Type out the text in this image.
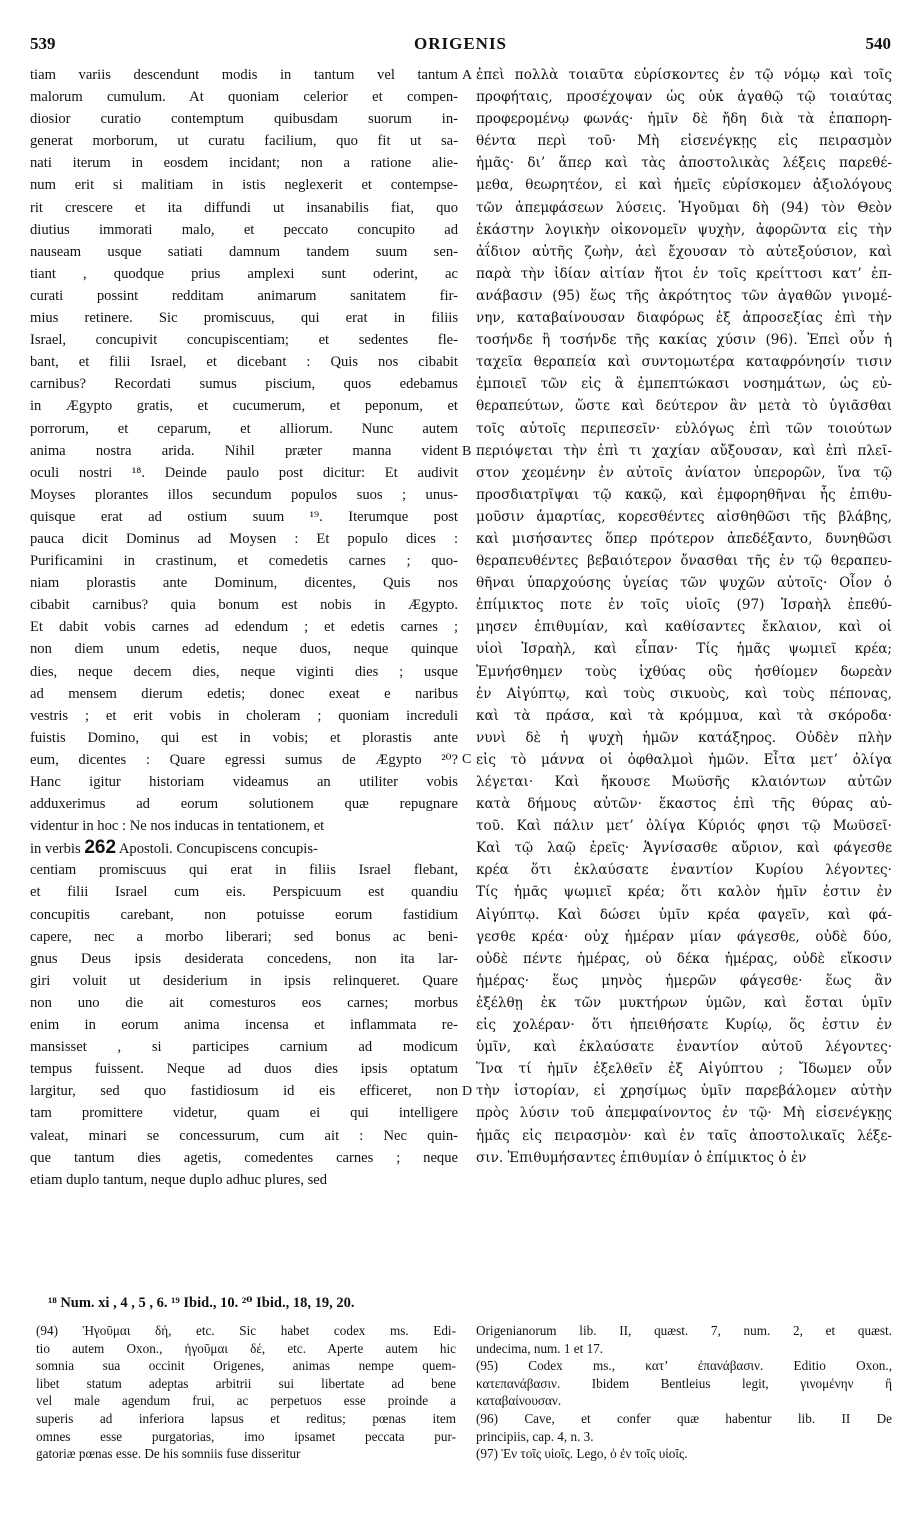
539	ORIGENIS	540
tiam variis descendunt modis in tantum vel tantum
malorum cumulum. At quoniam celerior et compen-
diosior curatio contemptum quibusdam suorum in-
generat morborum, ut curatu facilium, quo fit ut sa-
nati iterum in eosdem incidant; non a ratione alie-
num erit si malitiam in istis neglexerit et contempse-
rit crescere et ita diffundi ut insanabilis fiat, quo
diutius immorati malo, et peccato concupito ad
nauseam usque satiati damnum tandem suum sen-
tiant , quodque prius amplexi sunt oderint, ac
curati possint redditam animarum sanitatem fir-
mius retinere. Sic promiscuus, qui erat in filiis
Israel, concupivit concupiscentiam; et sedentes fle-
bant, et filii Israel, et dicebant : Quis nos cibabit
carnibus? Recordati sumus piscium, quos edebamus
in Ægypto gratis, et cucumerum, et peponum, et
porrorum, et ceparum, et alliorum. Nunc autem
anima nostra arida. Nihil præter manna vident
oculi nostri ¹⁸. Deinde paulo post dicitur: Et audivit
Moyses plorantes illos secundum populos suos ; unus-
quisque erat ad ostium suum ¹⁹. Iterumque post
pauca dicit Dominus ad Moysen : Et populo dices :
Purificamini in crastinum, et comedetis carnes ; quo-
niam plorastis ante Dominum, dicentes, Quis nos
cibabit carnibus? quia bonum est nobis in Ægypto.
Et dabit vobis carnes ad edendum ; et edetis carnes ;
non diem unum edetis, neque duos, neque quinque
dies, neque decem dies, neque viginti dies ; usque
ad mensem dierum edetis; donec exeat e naribus
vestris ; et erit vobis in choleram ; quoniam increduli
fuistis Domino, qui est in vobis; et plorastis ante
eum, dicentes : Quare egressi sumus de Ægypto ²⁰?
Hanc igitur historiam videamus an utiliter vobis
adduxerimus ad eorum solutionem quæ repugnare
videntur in hoc : Ne nos inducas in tentationem, et
in verbis 262 Apostoli. Concupiscens concupis-
centiam promiscuus qui erat in filiis Israel flebant,
et filii Israel cum eis. Perspicuum est quandiu
concupitis carebant, non potuisse eorum fastidium
capere, nec a morbo liberari; sed bonus ac beni-
gnus Deus ipsis desiderata concedens, non ita lar-
giri voluit ut desiderium in ipsis relinqueret. Quare
non uno die ait comesturos eos carnes; morbus
enim in eorum anima incensa et inflammata re-
mansisset , si participes carnium ad modicum
tempus fuissent. Neque ad duos dies ipsis optatum
largitur, sed quo fastidiosum id eis efficeret, non
tam promittere videtur, quam ei qui intelligere
valeat, minari se concessurum, cum ait : Nec quin-
que tantum dies agetis, comedentes carnes ; neque
etiam duplo tantum, neque duplo adhuc plures, sed
ἐπεὶ πολλὰ τοιαῦτα εὑρίσκοντες ἐν τῷ νόμῳ καὶ τοῖς
προφήταις, προσέχοψαν ὡς οὐκ ἀγαθῷ τῷ τοιαύτας
προφερομένῳ φωνάς· ἡμῖν δὲ ἤδη διὰ τὰ ἐπαπορη-
θέντα περὶ τοῦ· Μὴ εἰσενέγκῃς εἰς πειρασμὸν
ἡμᾶς· δι’ ἅπερ καὶ τὰς ἀποστολικὰς λέξεις παρεθέ-
μεθα, θεωρητέον, εἰ καὶ ἡμεῖς εὑρίσκομεν ἀξιολόγους
τῶν ἀπεμφάσεων λύσεις. Ἡγοῦμαι δὴ (94) τὸν Θεὸν
ἑκάστην λογικὴν οἰκονομεῖν ψυχὴν, ἀφορῶντα εἰς τὴν
ἀΐδιον αὐτῆς ζωὴν, ἀεὶ ἔχουσαν τὸ αὐτεξούσιον, καὶ
παρὰ τὴν ἰδίαν αἰτίαν ἤτοι ἐν τοῖς κρείττοσι κατ’ ἐπ-
ανάβασιν (95) ἕως τῆς ἀκρότητος τῶν ἀγαθῶν γινομέ-
νην, καταβαίνουσαν διαφόρως ἐξ ἀπροσεξίας ἐπὶ τὴν
τοσήνδε ἢ τοσήνδε τῆς κακίας χύσιν (96). Ἐπεὶ οὖν ἡ
ταχεῖα θεραπεία καὶ συντομωτέρα καταφρόνησίν τισιν
ἐμποιεῖ τῶν εἰς ἃ ἐμπεπτώκασι νοσημάτων, ὡς εὐ-
θεραπεύτων, ὥστε καὶ δεύτερον ἂν μετὰ τὸ ὑγιᾶσθαι
τοῖς αὐτοῖς περιπεσεῖν· εὐλόγως ἐπὶ τῶν τοιούτων
περιόψεται τὴν ἐπὶ τι χαχίαν αὔξουσαν, καὶ ἐπὶ πλεῖ-
στον χεομένην ἐν αὐτοῖς ἀνίατον ὑπερορῶν, ἵνα τῷ
προσδιατρῖψαι τῷ κακῷ, καὶ ἐμφορηθῆναι ἧς ἐπιθυ-
μοῦσιν ἁμαρτίας, κορεσθέντες αἰσθηθῶσι τῆς βλάβης,
καὶ μισήσαντες ὅπερ πρότερον ἀπεδέξαντο, δυνηθῶσι
θεραπευθέντες βεβαιότερον ὄνασθαι τῆς ἐν τῷ θεραπευ-
θῆναι ὑπαρχούσης ὑγείας τῶν ψυχῶν αὐτοῖς· Οἷον ὁ
ἐπίμικτος ποτε ἐν τοῖς υἱοῖς (97) Ἰσραὴλ ἐπεθύ-
μησεν ἐπιθυμίαν, καὶ καθίσαντες ἔκλαιον, καὶ οἱ
υἱοὶ Ἰσραὴλ, καὶ εἶπαν· Τίς ἡμᾶς ψωμιεῖ κρέα;
Ἐμνήσθημεν τοὺς ἰχθύας οὓς ἠσθίομεν δωρεὰν
ἐν Αἰγύπτῳ, καὶ τοὺς σικυοὺς, καὶ τοὺς πέπονας,
καὶ τὰ πράσα, καὶ τὰ κρόμμυα, καὶ τὰ σκόροδα·
νυνὶ δὲ ἡ ψυχὴ ἡμῶν κατάξηρος. Οὐδὲν πλὴν
εἰς τὸ μάννα οἱ ὀφθαλμοὶ ἡμῶν. Εἶτα μετ’ ὀλίγα
λέγεται· Καὶ ἤκουσε Μωϋσῆς κλαιόντων αὐτῶν
κατὰ δήμους αὐτῶν· ἕκαστος ἐπὶ τῆς θύρας αὐ-
τοῦ. Καὶ πάλιν μετ’ ὀλίγα Κύριός φησι τῷ Μωϋσεῖ·
Καὶ τῷ λαῷ ἐρεῖς· Ἁγνίσασθε αὔριον, καὶ φάγεσθε
κρέα ὅτι ἐκλαύσατε ἐναντίον Κυρίου λέγοντες·
Τίς ἡμᾶς ψωμιεῖ κρέα; ὅτι καλὸν ἡμῖν ἐστιν ἐν
Αἰγύπτῳ. Καὶ δώσει ὑμῖν κρέα φαγεῖν, καὶ φά-
γεσθε κρέα· οὐχ ἡμέραν μίαν φάγεσθε, οὐδὲ δύο,
οὐδὲ πέντε ἡμέρας, οὐ δέκα ἡμέρας, οὐδὲ εἴκοσιν
ἡμέρας· ἕως μηνὸς ἡμερῶν φάγεσθε· ἕως ἂν
ἐξέλθῃ ἐκ τῶν μυκτήρων ὑμῶν, καὶ ἔσται ὑμῖν
εἰς χολέραν· ὅτι ἠπειθήσατε Κυρίῳ, ὅς ἐστιν ἐν
ὑμῖν, καὶ ἐκλαύσατε ἐναντίον αὐτοῦ λέγοντες·
Ἵνα τί ἡμῖν ἐξελθεῖν ἐξ Αἰγύπτου ; Ἴδωμεν οὖν
τὴν ἱστορίαν, εἰ χρησίμως ὑμῖν παρεβάλομεν αὐτὴν
πρὸς λύσιν τοῦ ἀπεμφαίνοντος ἐν τῷ· Μὴ εἰσενέγκῃς
ἡμᾶς εἰς πειρασμὸν· καὶ ἐν ταῖς ἀποστολικαῖς λέξε-
σιν. Ἐπιθυμήσαντες ἐπιθυμίαν ὁ ἐπίμικτος ὁ ἐν
A
B
C
D
¹⁸ Num. xi , 4 , 5 , 6. ¹⁹ Ibid., 10. ²⁰ Ibid., 18, 19, 20.
(94) Ἡγοῦμαι δή, etc. Sic habet codex ms. Edi-
tio autem Oxon., ἡγοῦμαι δέ, etc. Aperte autem hic
somnia sua occinit Origenes, animas nempe quem-
libet statum adeptas arbitrii sui libertate ad bene
vel male agendum frui, ac perpetuos esse proinde a
superis ad inferiora lapsus et reditus; pœnas item
omnes esse purgatorias, imo ipsamet peccata pur-
gatoriæ pœnas esse. De his somniis fuse disseritur
Origenianorum lib. II, quæst. 7, num. 2, et quæst.
undecima, num. 1 et 17.
(95) Codex ms., κατ’ ἐπανάβασιν. Editio Oxon.,
κατεπανάβασιν. Ibidem Bentleius legit, γινομένην ἢ
καταβαίνουσαν.
(96) Cave, et confer quæ habentur lib. II De
principiis, cap. 4, n. 3.
(97) Ἐν τοῖς υἱοῖς. Lego, ὁ ἐν τοῖς υἱοῖς.
